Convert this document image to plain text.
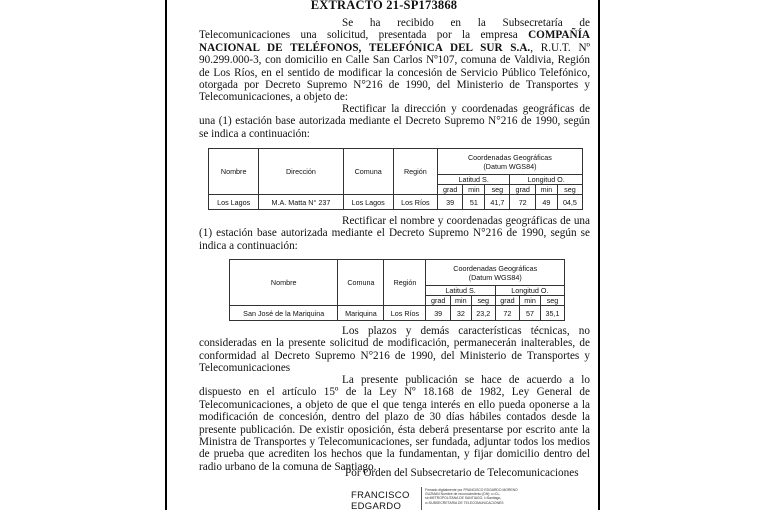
EXTRACTO 21-SP173868
Se ha recibido en la Subsecretaría de Telecomunicaciones una solicitud, presentada por la empresa COMPAÑÍA NACIONAL DE TELÉFONOS, TELEFÓNICA DEL SUR S.A., R.U.T. Nº 90.299.000-3, con domicilio en Calle San Carlos Nº107, comuna de Valdivia, Región de Los Ríos, en el sentido de modificar la concesión de Servicio Público Telefónico, otorgada por Decreto Supremo N°216 de 1990, del Ministerio de Transportes y Telecomunicaciones, a objeto de:
Rectificar la dirección y coordenadas geográficas de una (1) estación base autorizada mediante el Decreto Supremo N°216 de 1990, según se indica a continuación:
Nombre	Dirección	Comuna	Región	Coordenadas Geográficas
(Datum WGS84)					
				Latitud S.			Longitud O.		
				grad	min	seg	grad	min	seg
Los Lagos	M.A. Matta N° 237	Los Lagos	Los Ríos	39	51	41,7	72	49	04,5
Rectificar el nombre y coordenadas geográficas de una (1) estación base autorizada mediante el Decreto Supremo N°216 de 1990, según se indica a continuación:
Nombre	Comuna	Región	Coordenadas Geográficas
(Datum WGS84)					
			Latitud S.			Longitud O.		
			grad	min	seg	grad	min	seg
San José de la Mariquina	Mariquina	Los Ríos	39	32	23,2	72	57	35,1
Los plazos y demás características técnicas, no consideradas en la presente solicitud de modificación, permanecerán inalterables, de conformidad al Decreto Supremo N°216 de 1990, del Ministerio de Transportes y Telecomunicaciones
La presente publicación se hace de acuerdo a lo dispuesto en el artículo 15º de la Ley Nº 18.168 de 1982, Ley General de Telecomunicaciones, a objeto de que el que tenga interés en ello pueda oponerse a la modificación de concesión, dentro del plazo de 30 días hábiles contados desde la presente publicación. De existir oposición, ésta deberá presentarse por escrito ante la Ministra de Transportes y Telecomunicaciones, ser fundada, adjuntar todos los medios de prueba que acrediten los hechos que la fundamentan, y fijar domicilio dentro del radio urbano de la comuna de Santiago.
Por Orden del Subsecretario de Telecomunicaciones
FRANCISCO
EDGARDO
Firmado digitalmente por FRANCISCO EDGARDO MORENO GUZMAN Nombre de reconocimiento (DN): c=CL, st=METROPOLITANA DE SANTIAGO, l=Santiago, o=SUBSECRETARIA DE TELECOMUNICACIONES
